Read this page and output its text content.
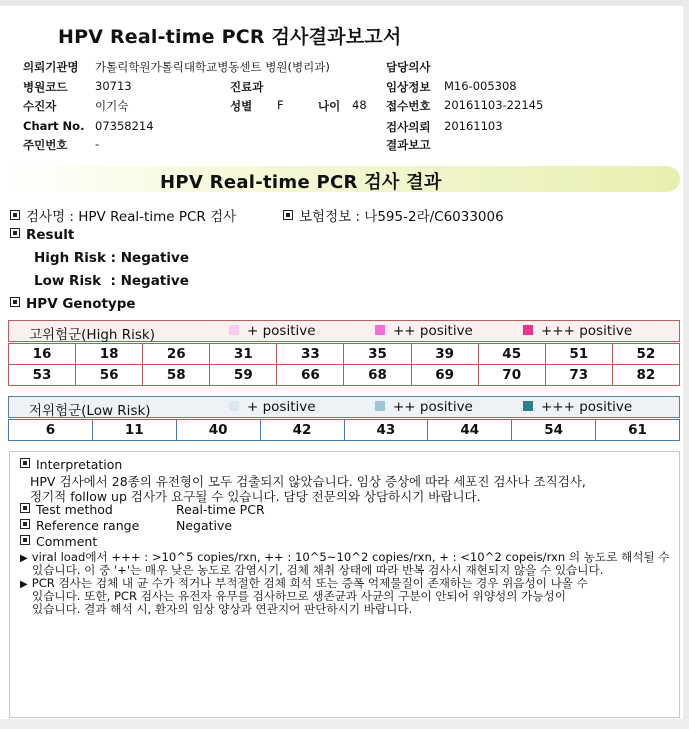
HPV Real-time PCR 검사결과보고서
의뢰기관명 가톨릭학원가톨릭대학교병동센트 병원(병리과)	담당의사
병원코드 30713	진료과	임상정보 M16-005308
수진자	이기숙	성별 F	나이 48 접수번호 20161103-22145
Chart No. 07358214	검사의뢰 20161103
주민번호 -	결과보고
HPV Real-time PCR 검사 결과
검사명 : HPV Real-time PCR 검사	보험정보 : 나595-2라/C6033006
Result
High Risk : Negative
Low Risk  : Negative
HPV Genotype
고위험군(High Risk)	+ positive	++ positive	+++ positive
16	18	26	31	33	35	39	45	51	52
53	56	58	59	66	68	69	70	73	82
저위험군(Low Risk)	+ positive	++ positive	+++ positive
6	11	40	42	43	44	54	61
Interpretation
HPV 검사에서 28종의 유전형이 모두 검출되지 않았습니다. 임상 증상에 따라 세포진 검사나 조직검사,
정기적 follow up 검사가 요구될 수 있습니다. 담당 전문의와 상담하시기 바랍니다.
Test method	Real-time PCR
Reference range	Negative
Comment
▶ viral load에서 +++ : >10^5 copies/rxn, ++ : 10^5~10^2 copies/rxn, + : <10^2 copeis/rxn 의 농도로 해석될 수
있습니다. 이 중 '+'는 매우 낮은 농도로 감염시기, 검체 채취 상태에 따라 반복 검사시 재현되지 않을 수 있습니다.
▶ PCR 검사는 검체 내 균 수가 적거나 부적절한 검체 희석 또는 증폭 억제물질이 존재하는 경우 위음성이 나올 수
있습니다. 또한, PCR 검사는 유전자 유무를 검사하므로 생존균과 사균의 구분이 안되어 위양성의 가능성이
있습니다. 결과 해석 시, 환자의 임상 양상과 연관지어 판단하시기 바랍니다.
